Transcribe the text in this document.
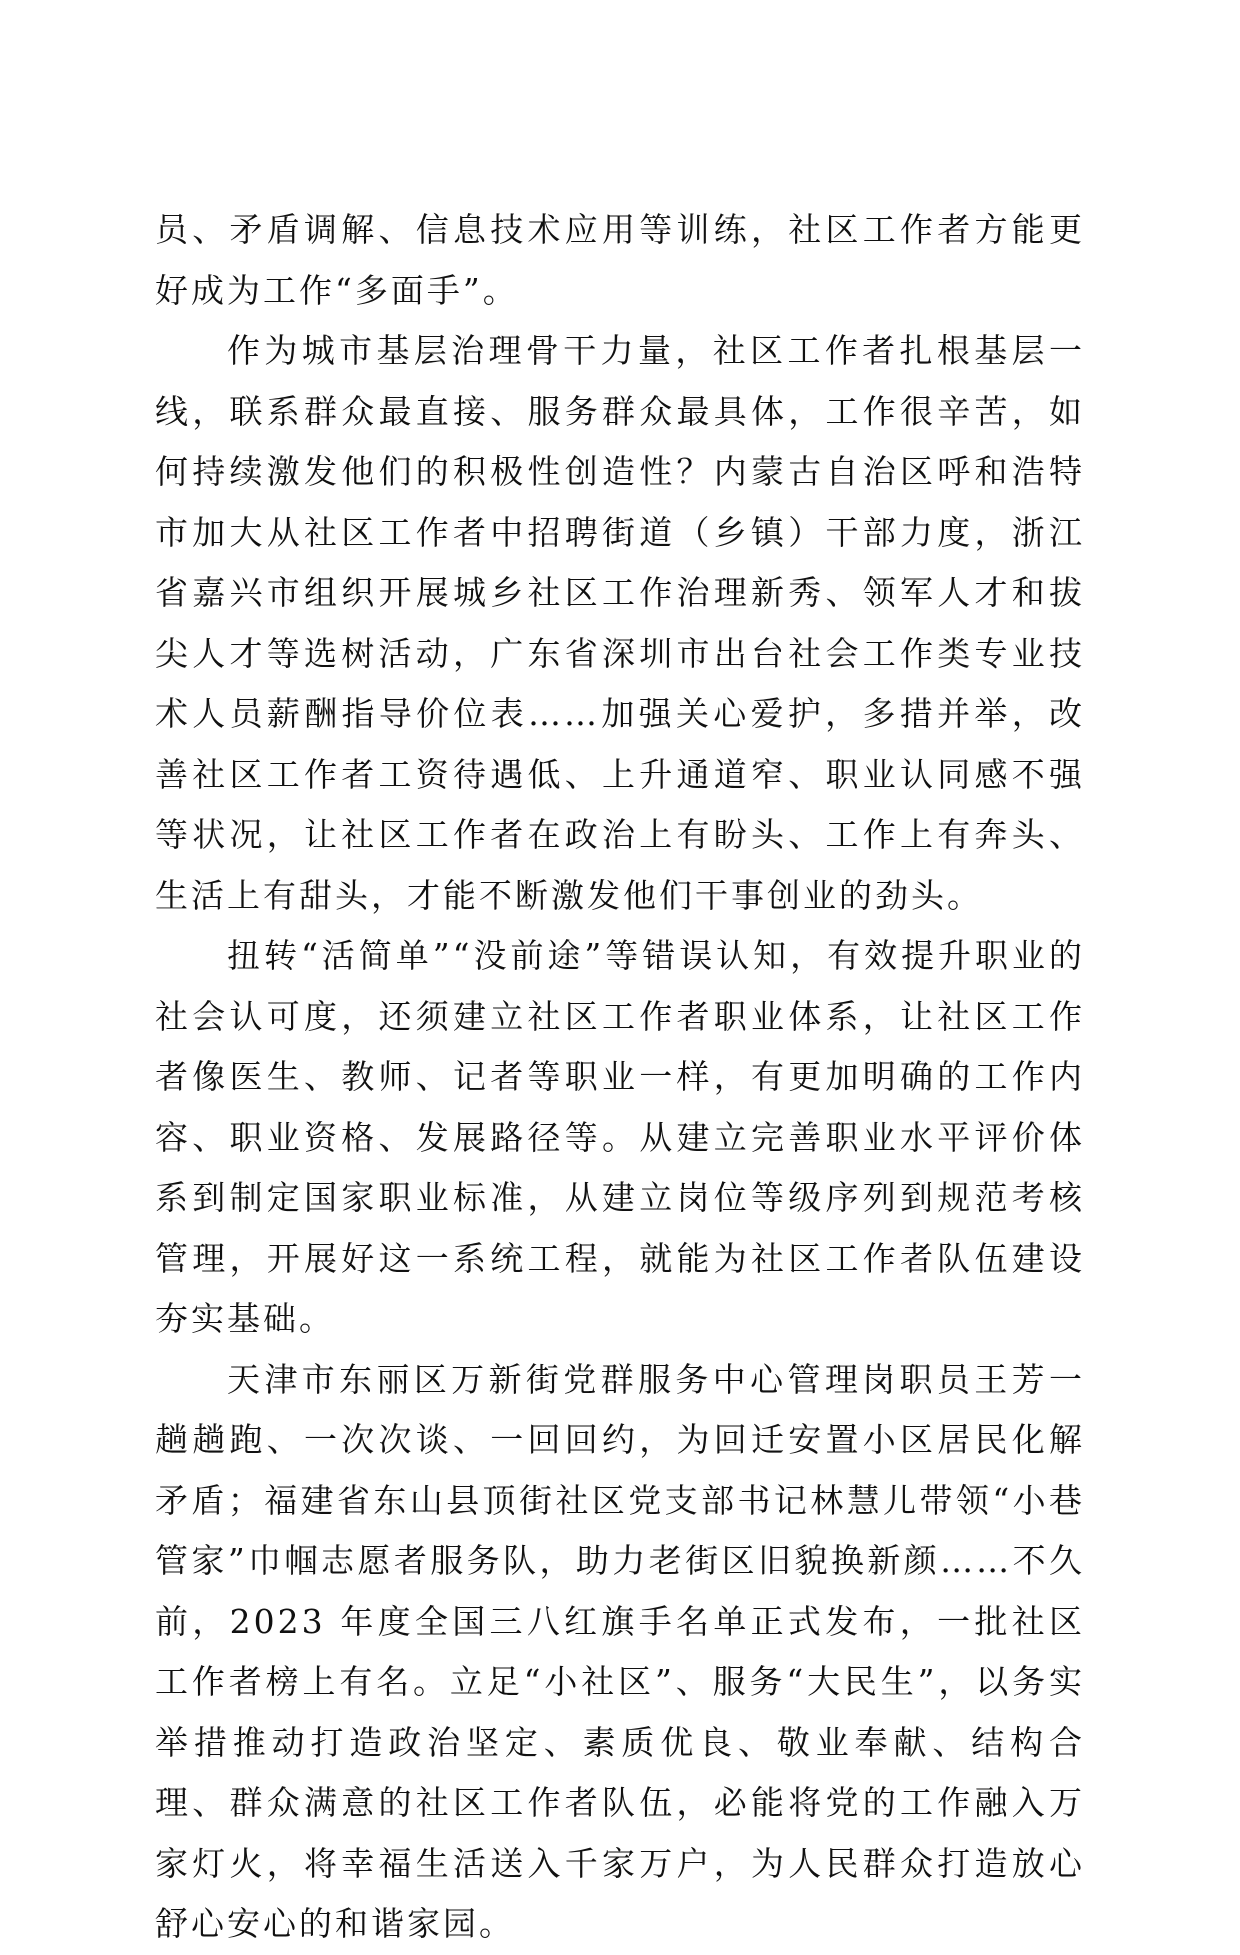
员、矛盾调解、信息技术应用等训练，社区工作者方能更好成为工作“多面手”。

作为城市基层治理骨干力量，社区工作者扎根基层一线，联系群众最直接、服务群众最具体，工作很辛苦，如何持续激发他们的积极性创造性？内蒙古自治区呼和浩特市加大从社区工作者中招聘街道（乡镇）干部力度，浙江省嘉兴市组织开展城乡社区工作治理新秀、领军人才和拔尖人才等选树活动，广东省深圳市出台社会工作类专业技术人员薪酬指导价位表……加强关心爱护，多措并举，改善社区工作者工资待遇低、上升通道窄、职业认同感不强等状况，让社区工作者在政治上有盼头、工作上有奔头、生活上有甜头，才能不断激发他们干事创业的劲头。

扭转“活简单”“没前途”等错误认知，有效提升职业的社会认可度，还须建立社区工作者职业体系，让社区工作者像医生、教师、记者等职业一样，有更加明确的工作内容、职业资格、发展路径等。从建立完善职业水平评价体系到制定国家职业标准，从建立岗位等级序列到规范考核管理，开展好这一系统工程，就能为社区工作者队伍建设夯实基础。

天津市东丽区万新街党群服务中心管理岗职员王芳一趟趟跑、一次次谈、一回回约，为回迁安置小区居民化解矛盾；福建省东山县顶街社区党支部书记林慧儿带领“小巷管家”巾帼志愿者服务队，助力老街区旧貌换新颜……不久前，2023 年度全国三八红旗手名单正式发布，一批社区工作者榜上有名。立足“小社区”、服务“大民生”，以务实举措推动打造政治坚定、素质优良、敬业奉献、结构合理、群众满意的社区工作者队伍，必能将党的工作融入万家灯火，将幸福生活送入千家万户，为人民群众打造放心舒心安心的和谐家园。
